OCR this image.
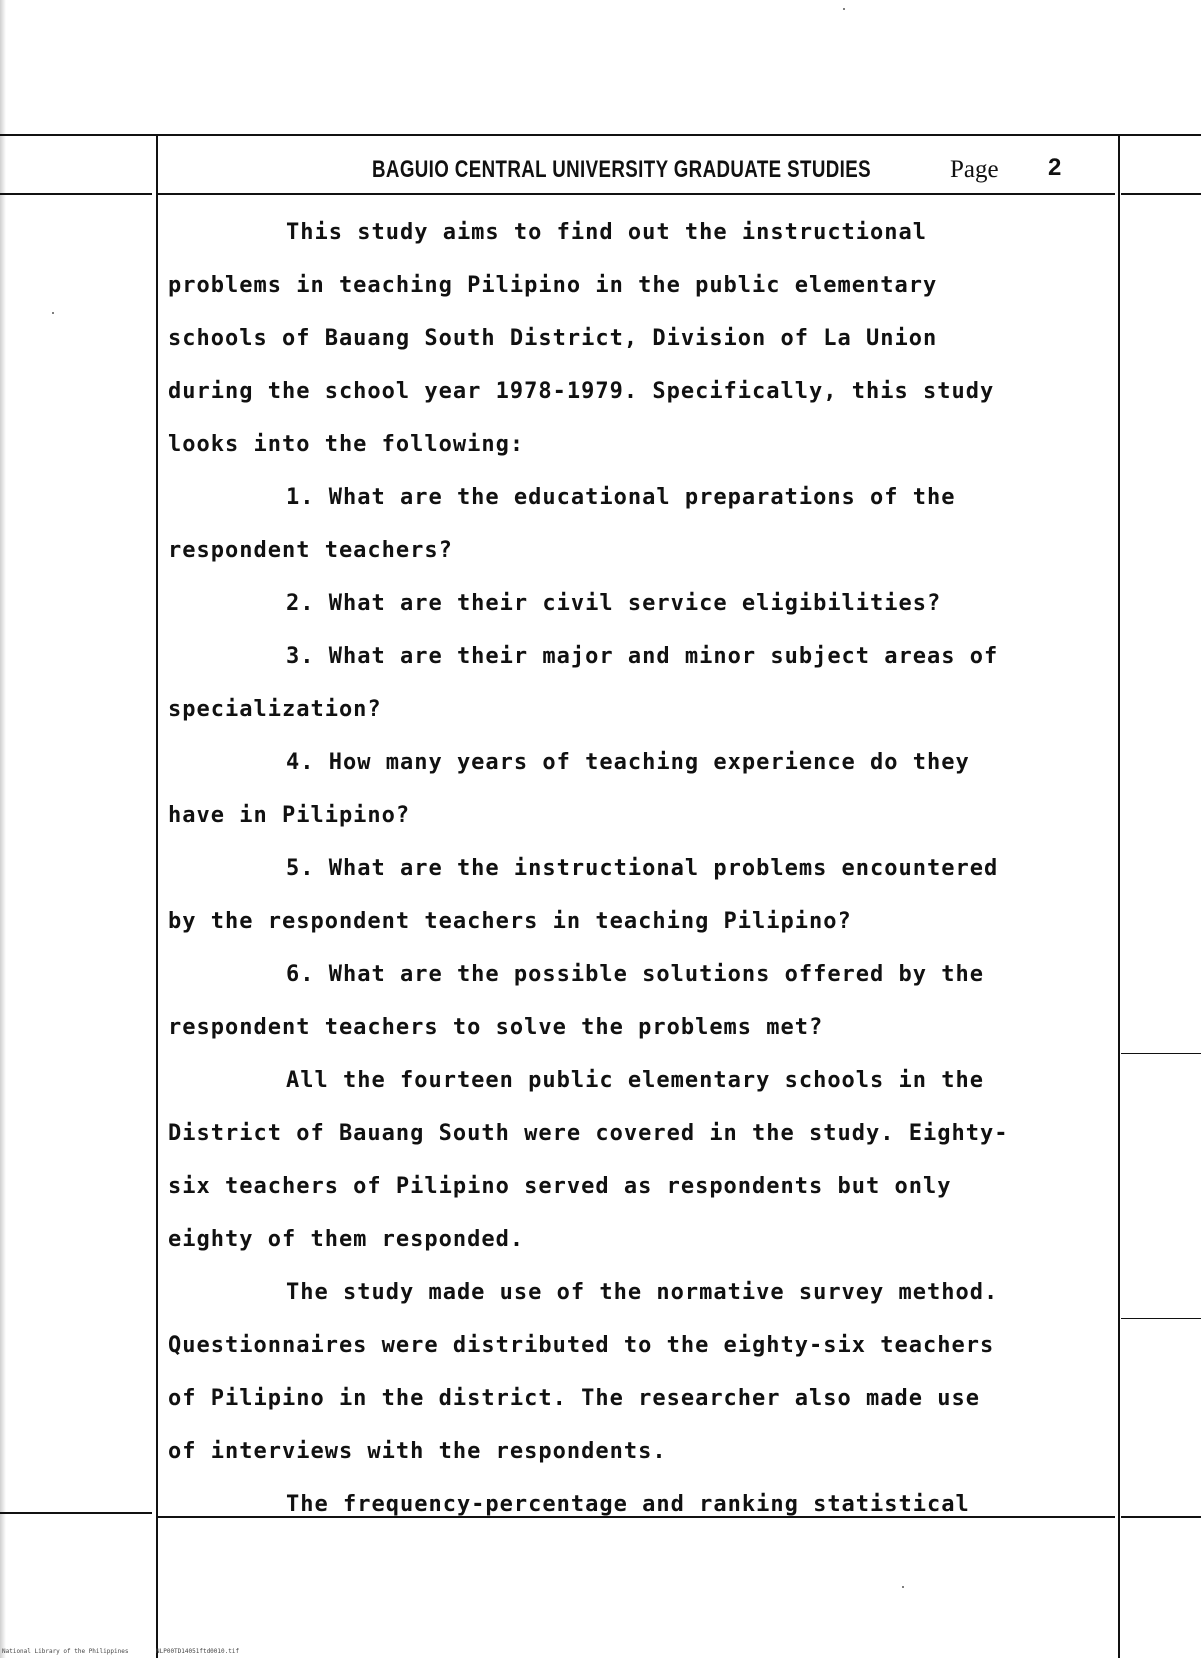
BAGUIO CENTRAL UNIVERSITY GRADUATE STUDIES	Page 2
This study aims to find out the instructional
problems in teaching Pilipino in the public elementary
schools of Bauang South District, Division of La Union
during the school year 1978-1979. Specifically, this study
looks into the following:
1. What are the educational preparations of the
respondent teachers?
2. What are their civil service eligibilities?
3. What are their major and minor subject areas of
specialization?
4. How many years of teaching experience do they
have in Pilipino?
5. What are the instructional problems encountered
by the respondent teachers in teaching Pilipino?
6. What are the possible solutions offered by the
respondent teachers to solve the problems met?
All the fourteen public elementary schools in the
District of Bauang South were covered in the study. Eighty-
six teachers of Pilipino served as respondents but only
eighty of them responded.
The study made use of the normative survey method.
Questionnaires were distributed to the eighty-six teachers
of Pilipino in the district. The researcher also made use
of interviews with the respondents.
The frequency-percentage and ranking statistical
National Library of the Philippines	NLP00TD14051ftd0010.tif
